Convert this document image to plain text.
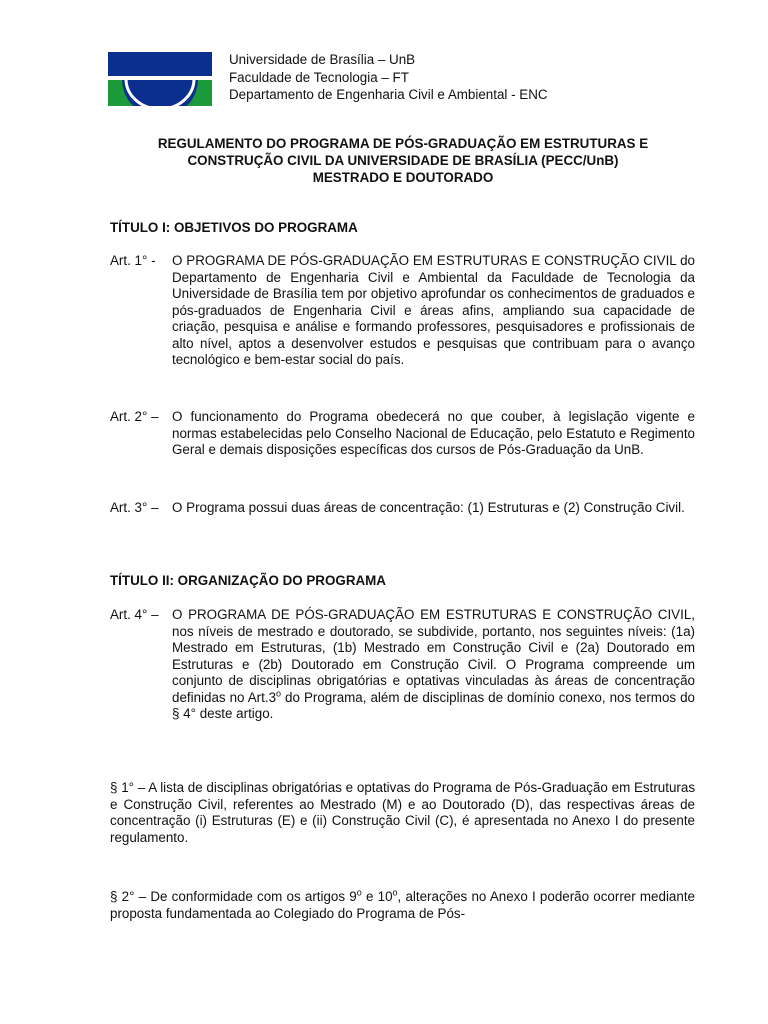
Universidade de Brasília – UnB
Faculdade de Tecnologia – FT
Departamento de Engenharia Civil e Ambiental - ENC
REGULAMENTO DO PROGRAMA DE PÓS-GRADUAÇÃO EM ESTRUTURAS E
CONSTRUÇÃO CIVIL DA UNIVERSIDADE DE BRASÍLIA (PECC/UnB)
MESTRADO E DOUTORADO
TÍTULO I: OBJETIVOS DO PROGRAMA
Art. 1° - O PROGRAMA DE PÓS-GRADUAÇÃO EM ESTRUTURAS E CONSTRUÇÃO CIVIL do Departamento de Engenharia Civil e Ambiental da Faculdade de Tecnologia da Universidade de Brasília tem por objetivo aprofundar os conhecimentos de graduados e pós-graduados de Engenharia Civil e áreas afins, ampliando sua capacidade de criação, pesquisa e análise e formando professores, pesquisadores e profissionais de alto nível, aptos a desenvolver estudos e pesquisas que contribuam para o avanço tecnológico e bem-estar social do país.
Art. 2° – O funcionamento do Programa obedecerá no que couber, à legislação vigente e normas estabelecidas pelo Conselho Nacional de Educação, pelo Estatuto e Regimento Geral e demais disposições específicas dos cursos de Pós-Graduação da UnB.
Art. 3° – O Programa possui duas áreas de concentração: (1) Estruturas e (2) Construção Civil.
TÍTULO II: ORGANIZAÇÃO DO PROGRAMA
Art. 4° – O PROGRAMA DE PÓS-GRADUAÇÃO EM ESTRUTURAS E CONSTRUÇÃO CIVIL, nos níveis de mestrado e doutorado, se subdivide, portanto, nos seguintes níveis: (1a) Mestrado em Estruturas, (1b) Mestrado em Construção Civil e (2a) Doutorado em Estruturas e (2b) Doutorado em Construção Civil. O Programa compreende um conjunto de disciplinas obrigatórias e optativas vinculadas às áreas de concentração definidas no Art.3$^o$ do Programa, além de disciplinas de domínio conexo, nos termos do § 4° deste artigo.
§ 1° – A lista de disciplinas obrigatórias e optativas do Programa de Pós-Graduação em Estruturas e Construção Civil, referentes ao Mestrado (M) e ao Doutorado (D), das respectivas áreas de concentração (i) Estruturas (E) e (ii) Construção Civil (C), é apresentada no Anexo I do presente regulamento.
§ 2° – De conformidade com os artigos 9$^o$ e 10$^o$, alterações no Anexo I poderão ocorrer mediante proposta fundamentada ao Colegiado do Programa de Pós-
